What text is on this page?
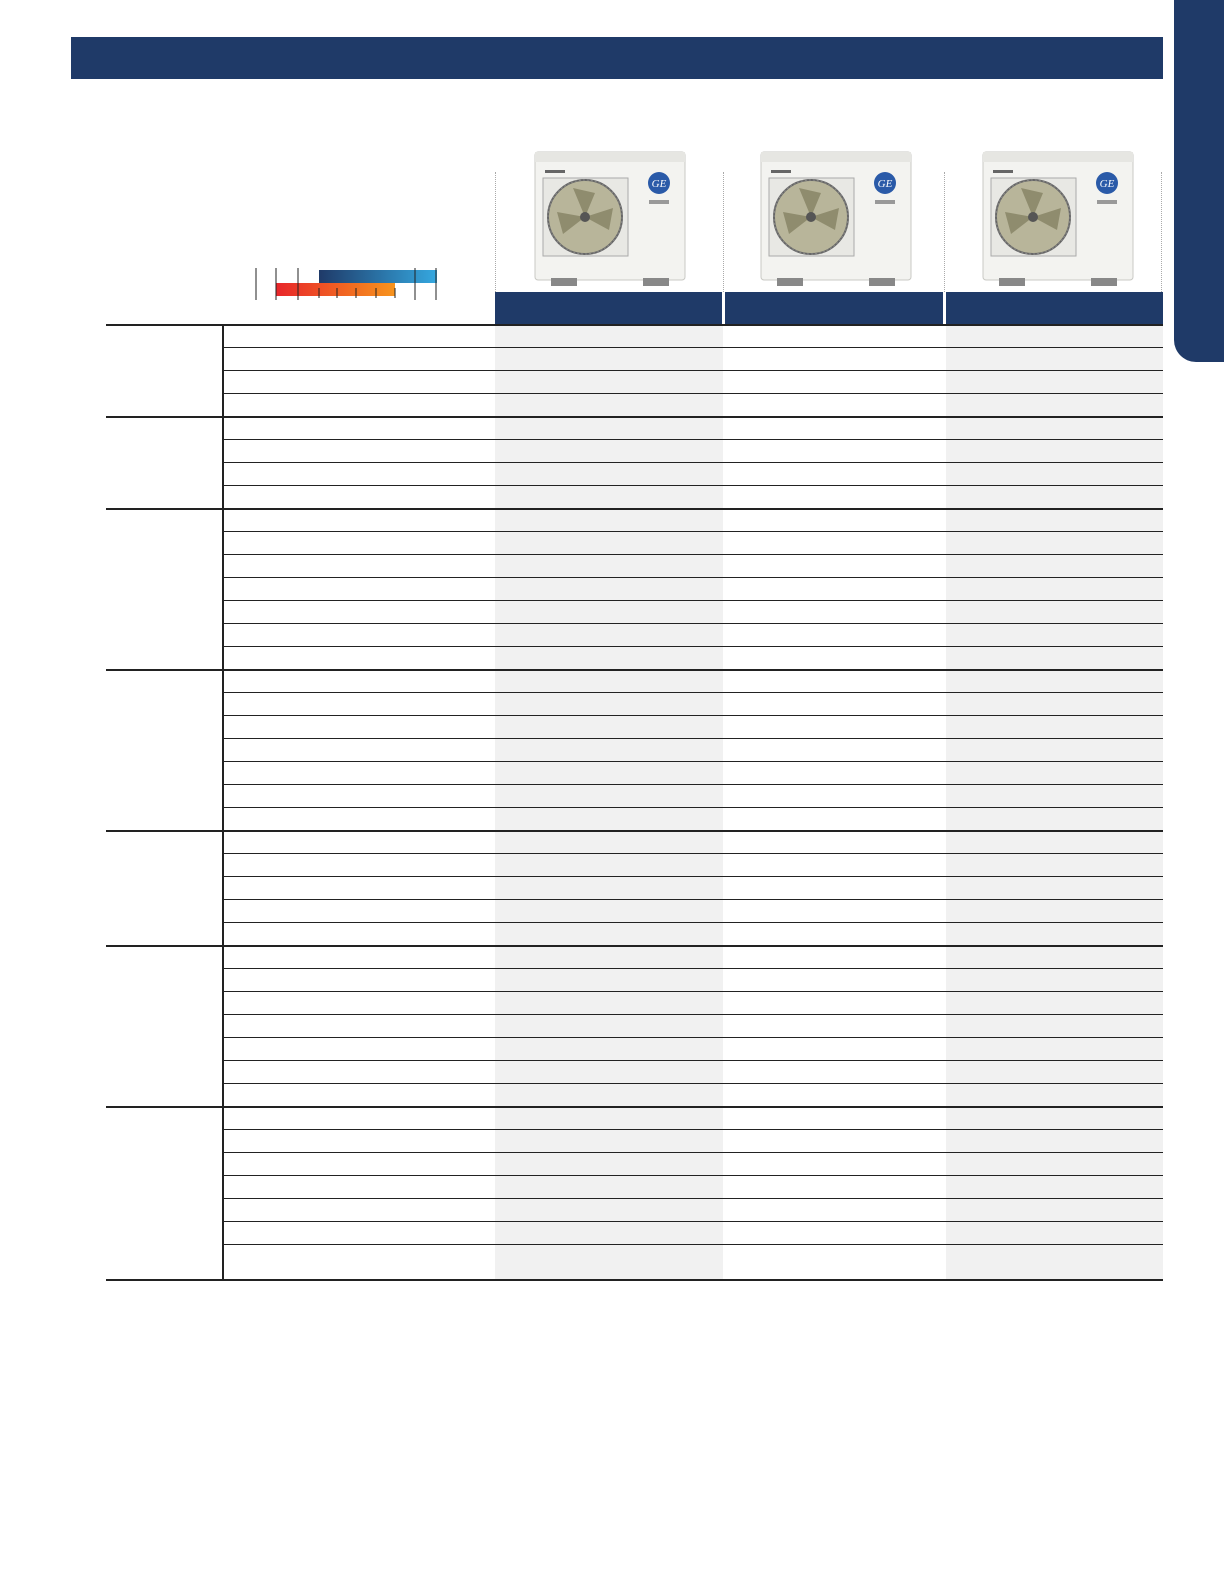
GE	GE	GE
